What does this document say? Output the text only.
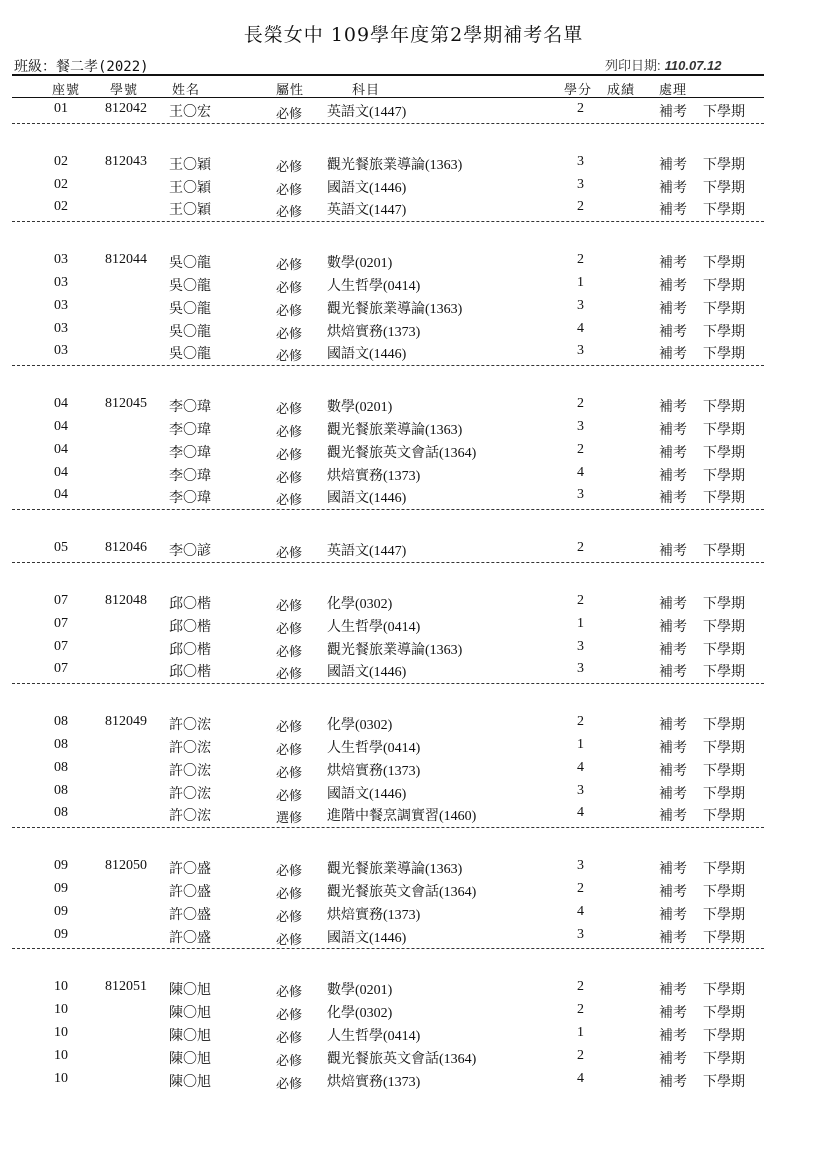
長榮女中 109學年度第2學期補考名單
班級：餐二孝(2022)	列印日期: 110.07.12
座號 學號	姓名	屬性	科目	學分 成績 處理
01	812042 王〇宏	必修 英語文(1447)	2	補考 下學期
02	812043 王〇穎	必修 觀光餐旅業導論(1363)	3	補考 下學期
02	王〇穎	必修 國語文(1446)	3	補考 下學期
02	王〇穎	必修 英語文(1447)	2	補考 下學期
03	812044 吳〇龍	必修 數學(0201)	2	補考 下學期
03	吳〇龍	必修 人生哲學(0414)	1	補考 下學期
03	吳〇龍	必修 觀光餐旅業導論(1363)	3	補考 下學期
03	吳〇龍	必修 烘焙實務(1373)	4	補考 下學期
03	吳〇龍	必修 國語文(1446)	3	補考 下學期
04	812045 李〇瑋	必修 數學(0201)	2	補考 下學期
04	李〇瑋	必修 觀光餐旅業導論(1363)	3	補考 下學期
04	李〇瑋	必修 觀光餐旅英文會話(1364)	2	補考 下學期
04	李〇瑋	必修 烘焙實務(1373)	4	補考 下學期
04	李〇瑋	必修 國語文(1446)	3	補考 下學期
05	812046 李〇諺	必修 英語文(1447)	2	補考 下學期
07	812048 邱〇楷	必修 化學(0302)	2	補考 下學期
07	邱〇楷	必修 人生哲學(0414)	1	補考 下學期
07	邱〇楷	必修 觀光餐旅業導論(1363)	3	補考 下學期
07	邱〇楷	必修 國語文(1446)	3	補考 下學期
08	812049 許〇浤	必修 化學(0302)	2	補考 下學期
08	許〇浤	必修 人生哲學(0414)	1	補考 下學期
08	許〇浤	必修 烘焙實務(1373)	4	補考 下學期
08	許〇浤	必修 國語文(1446)	3	補考 下學期
08	許〇浤	選修 進階中餐烹調實習(1460)	4	補考 下學期
09	812050 許〇盛	必修 觀光餐旅業導論(1363)	3	補考 下學期
09	許〇盛	必修 觀光餐旅英文會話(1364)	2	補考 下學期
09	許〇盛	必修 烘焙實務(1373)	4	補考 下學期
09	許〇盛	必修 國語文(1446)	3	補考 下學期
10	812051 陳〇旭	必修 數學(0201)	2	補考 下學期
10	陳〇旭	必修 化學(0302)	2	補考 下學期
10	陳〇旭	必修 人生哲學(0414)	1	補考 下學期
10	陳〇旭	必修 觀光餐旅英文會話(1364)	2	補考 下學期
10	陳〇旭	必修 烘焙實務(1373)	4	補考 下學期
